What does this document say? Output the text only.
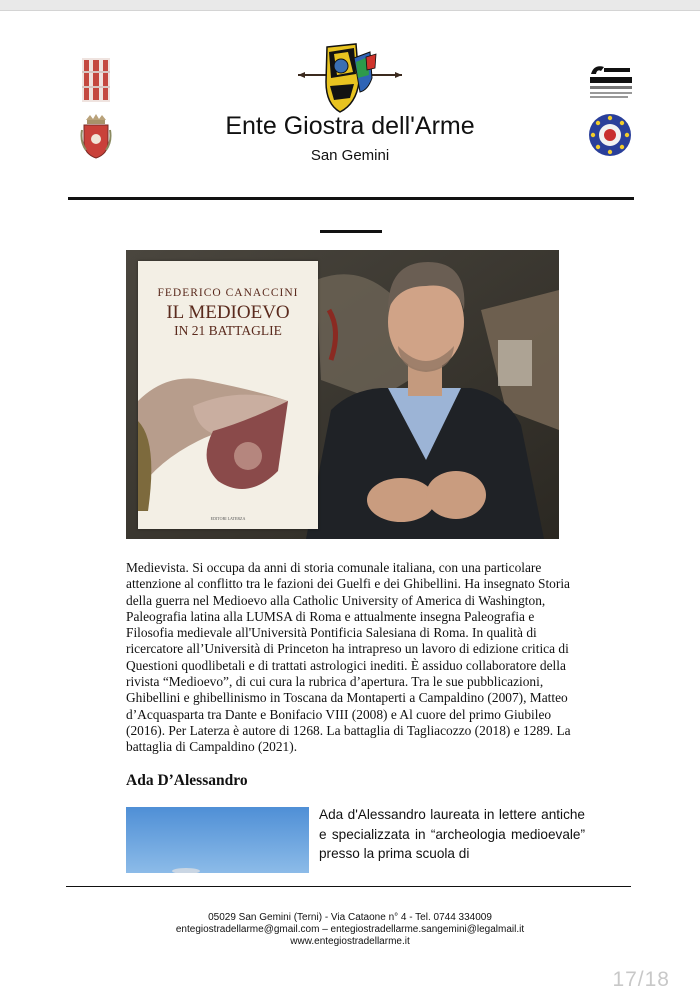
Ente Giostra dell'Arme
San Gemini
FEDERICO CANACCINI
IL MEDIOEVO
IN 21 BATTAGLIE
EDITORI LATERZA
Medievista. Si occupa da anni di storia comunale italiana, con una particolare attenzione al conflitto tra le fazioni dei Guelfi e dei Ghibellini. Ha insegnato Storia della guerra nel Medioevo alla Catholic University of America di Washington, Paleografia latina alla LUMSA di Roma e attualmente insegna Paleografia e Filosofia medievale all'Università Pontificia Salesiana di Roma. In qualità di ricercatore all’Università di Princeton ha intrapreso un lavoro di edizione critica di Questioni quodlibetali e di trattati astrologici inediti. È assiduo collaboratore della rivista “Medioevo”, di cui cura la rubrica d’apertura. Tra le sue pubblicazioni, Ghibellini e ghibellinismo in Toscana da Montaperti a Campaldino (2007), Matteo d’Acquasparta tra Dante e Bonifacio VIII (2008) e Al cuore del primo Giubileo (2016). Per Laterza è autore di 1268. La battaglia di Tagliacozzo (2018) e 1289. La battaglia di Campaldino (2021).
Ada D’Alessandro
Ada d'Alessandro laureata in lettere antiche e specializzata in “archeologia medioevale” presso la prima scuola di
05029 San Gemini (Terni) - Via Cataone n° 4 - Tel. 0744 334009
entegiostradellarme@gmail.com – entegiostradellarme.sangemini@legalmail.it
www.entegiostradellarme.it
17/18
